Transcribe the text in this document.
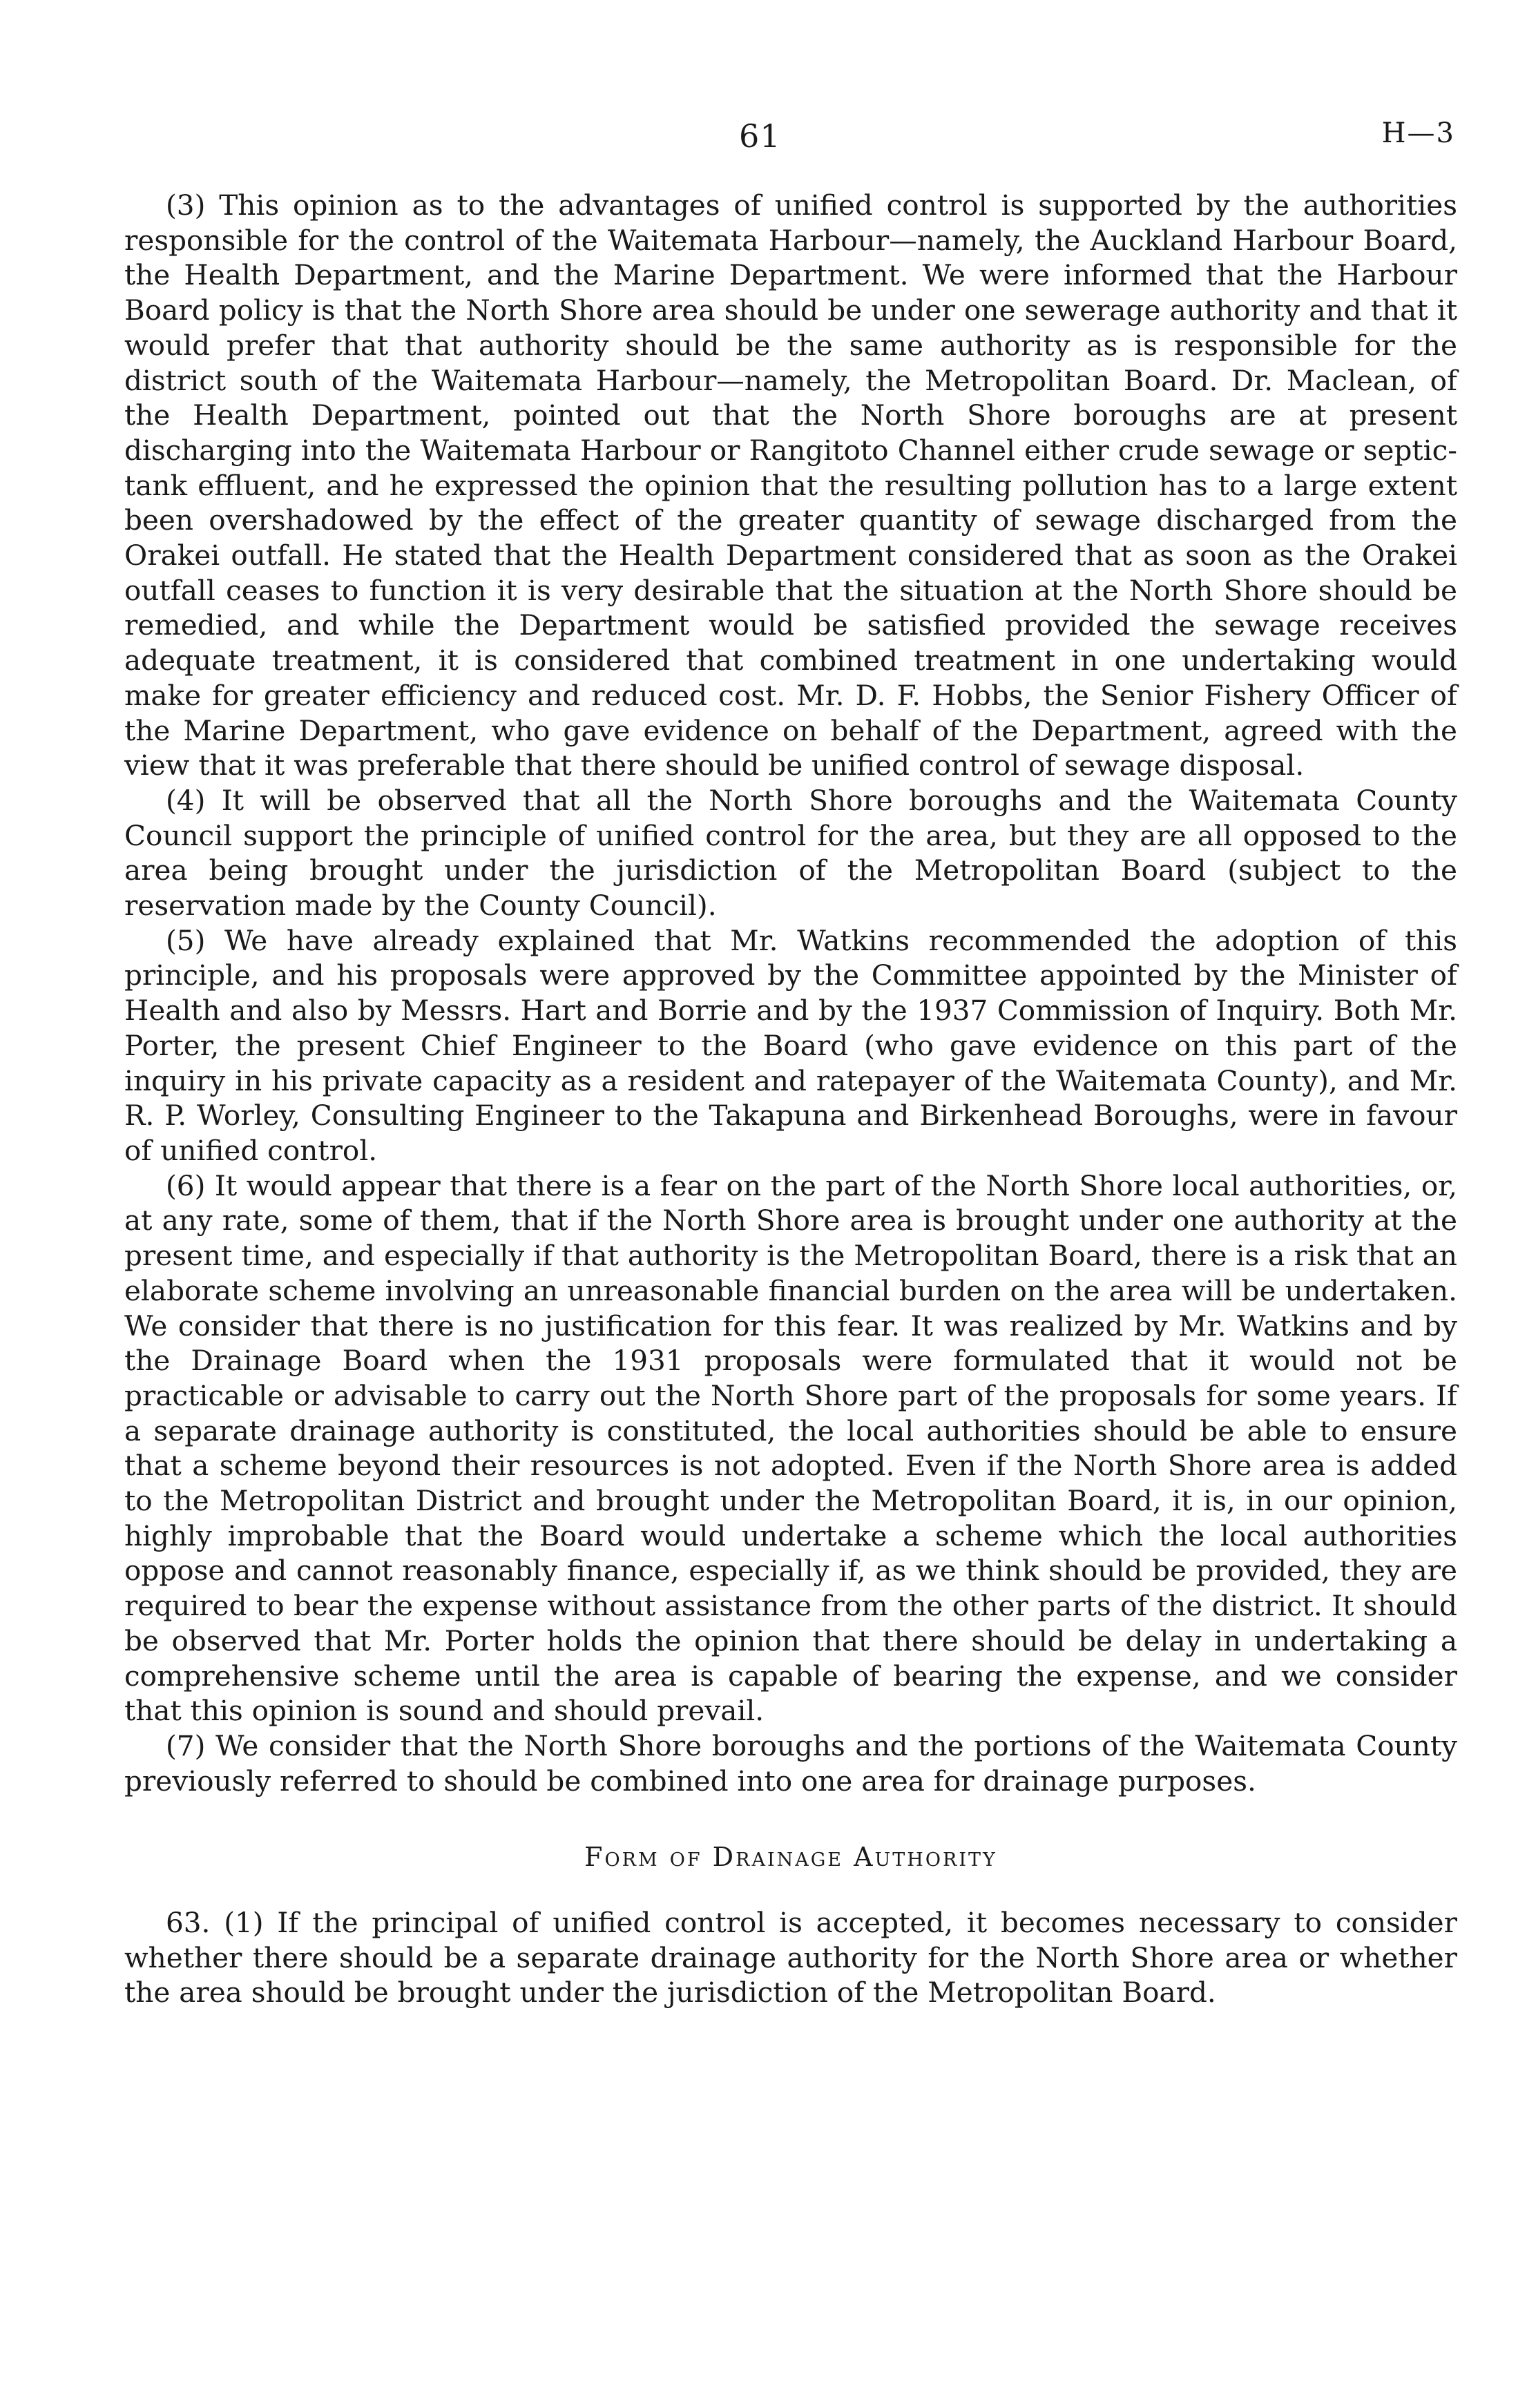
61	H—3

(3) This opinion as to the advantages of unified control is supported by the authorities responsible for the control of the Waitemata Harbour—namely, the Auckland Harbour Board, the Health Department, and the Marine Department. We were informed that the Harbour Board policy is that the North Shore area should be under one sewerage authority and that it would prefer that that authority should be the same authority as is responsible for the district south of the Waitemata Harbour—namely, the Metropolitan Board. Dr. Maclean, of the Health Department, pointed out that the North Shore boroughs are at present discharging into the Waitemata Harbour or Rangitoto Channel either crude sewage or septic-tank effluent, and he expressed the opinion that the resulting pollution has to a large extent been overshadowed by the effect of the greater quantity of sewage discharged from the Orakei outfall. He stated that the Health Department considered that as soon as the Orakei outfall ceases to function it is very desirable that the situation at the North Shore should be remedied, and while the Department would be satisfied provided the sewage receives adequate treatment, it is considered that combined treatment in one undertaking would make for greater efficiency and reduced cost. Mr. D. F. Hobbs, the Senior Fishery Officer of the Marine Department, who gave evidence on behalf of the Department, agreed with the view that it was preferable that there should be unified control of sewage disposal.

(4) It will be observed that all the North Shore boroughs and the Waitemata County Council support the principle of unified control for the area, but they are all opposed to the area being brought under the jurisdiction of the Metropolitan Board (subject to the reservation made by the County Council).

(5) We have already explained that Mr. Watkins recommended the adoption of this principle, and his proposals were approved by the Committee appointed by the Minister of Health and also by Messrs. Hart and Borrie and by the 1937 Commission of Inquiry. Both Mr. Porter, the present Chief Engineer to the Board (who gave evidence on this part of the inquiry in his private capacity as a resident and ratepayer of the Waitemata County), and Mr. R. P. Worley, Consulting Engineer to the Takapuna and Birkenhead Boroughs, were in favour of unified control.

(6) It would appear that there is a fear on the part of the North Shore local authorities, or, at any rate, some of them, that if the North Shore area is brought under one authority at the present time, and especially if that authority is the Metropolitan Board, there is a risk that an elaborate scheme involving an unreasonable financial burden on the area will be undertaken. We consider that there is no justification for this fear. It was realized by Mr. Watkins and by the Drainage Board when the 1931 proposals were formulated that it would not be practicable or advisable to carry out the North Shore part of the proposals for some years. If a separate drainage authority is constituted, the local authorities should be able to ensure that a scheme beyond their resources is not adopted. Even if the North Shore area is added to the Metropolitan District and brought under the Metropolitan Board, it is, in our opinion, highly improbable that the Board would undertake a scheme which the local authorities oppose and cannot reasonably finance, especially if, as we think should be provided, they are required to bear the expense without assistance from the other parts of the district. It should be observed that Mr. Porter holds the opinion that there should be delay in undertaking a comprehensive scheme until the area is capable of bearing the expense, and we consider that this opinion is sound and should prevail.

(7) We consider that the North Shore boroughs and the portions of the Waitemata County previously referred to should be combined into one area for drainage purposes.

Form of Drainage Authority

63. (1) If the principal of unified control is accepted, it becomes necessary to consider whether there should be a separate drainage authority for the North Shore area or whether the area should be brought under the jurisdiction of the Metropolitan Board.
